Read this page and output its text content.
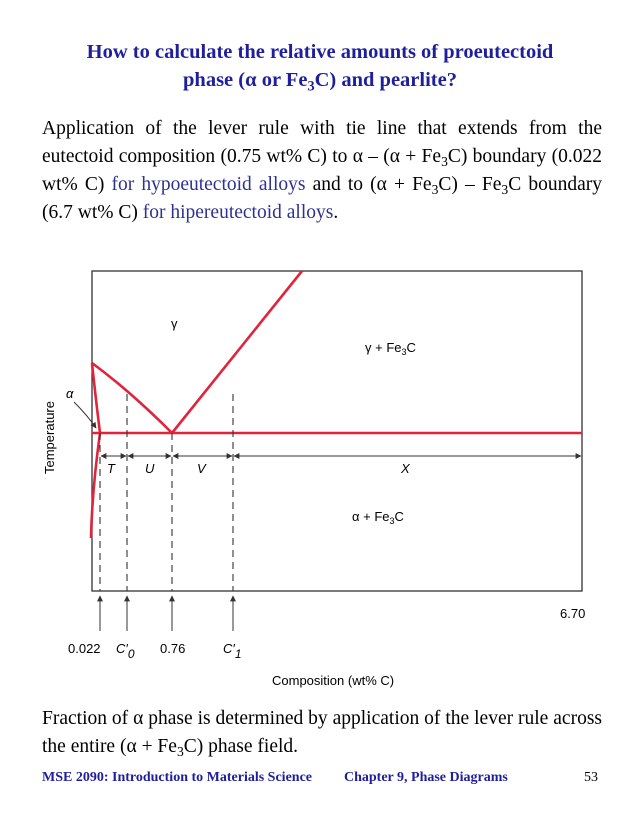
How to calculate the relative amounts of proeutectoid
phase (α or $Fe_3C$) and pearlite?
Application of the lever rule with tie line that extends from the eutectoid composition (0.75 wt% C) to $\alpha - (\alpha + Fe_3C)$ boundary (0.022 wt% C) for hypoeutectoid alloys and to $(\alpha + Fe_3C) - Fe_3C$ boundary (6.7 wt% C) for hipereutectoid alloys.
γ
$\gamma + Fe_3C$
$\alpha + Fe_3C$
α
Temperature	T U	V	X
0.022 C′0 0.76	C′1
6.70
Composition (wt% C)
Fraction of α phase is determined by application of the lever rule across the entire $(\alpha + Fe_3C)$ phase field.
MSE 2090: Introduction to Materials Science Chapter 9, Phase Diagrams	53
